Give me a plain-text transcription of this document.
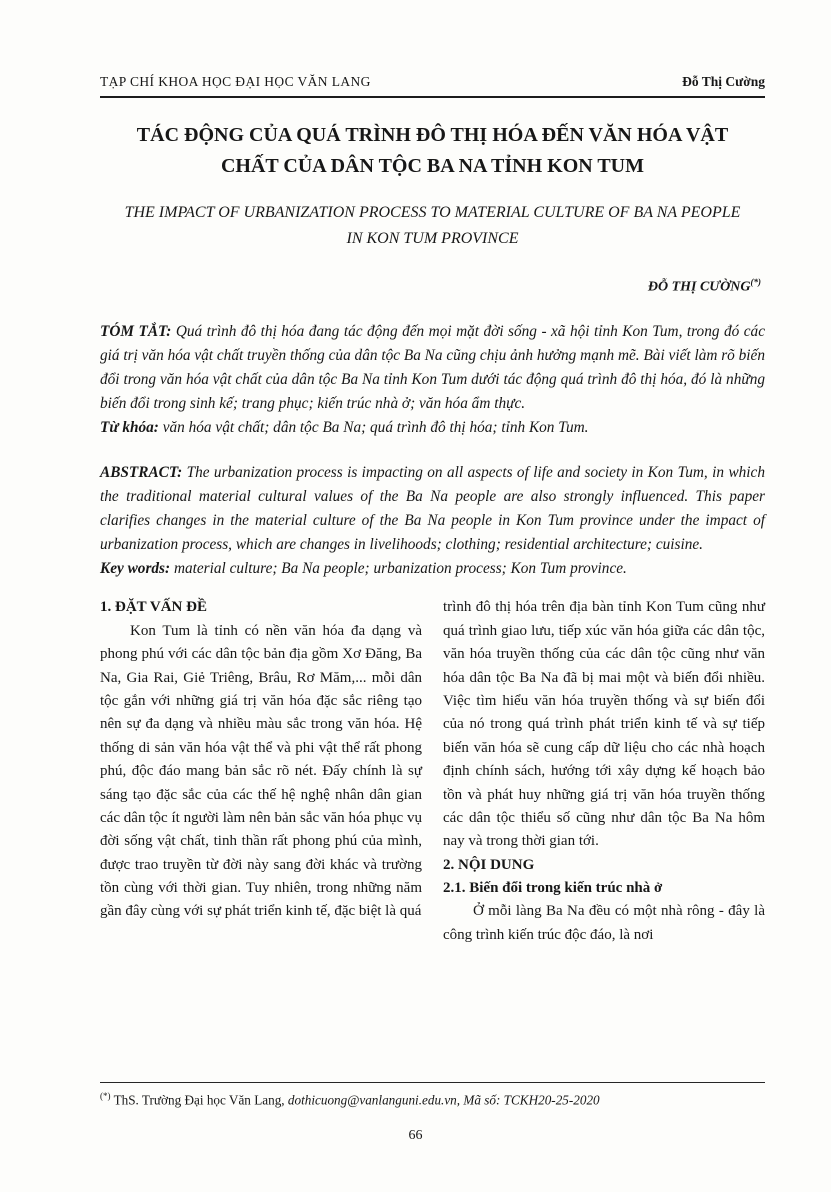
TẠP CHÍ KHOA HỌC ĐẠI HỌC VĂN LANG	Đỗ Thị Cường
TÁC ĐỘNG CỦA QUÁ TRÌNH ĐÔ THỊ HÓA ĐẾN VĂN HÓA VẬT CHẤT CỦA DÂN TỘC BA NA TỈNH KON TUM
THE IMPACT OF URBANIZATION PROCESS TO MATERIAL CULTURE OF BA NA PEOPLE IN KON TUM PROVINCE
ĐỖ THỊ CƯỜNG(*)

TÓM TẮT: Quá trình đô thị hóa đang tác động đến mọi mặt đời sống - xã hội tỉnh Kon Tum, trong đó các giá trị văn hóa vật chất truyền thống của dân tộc Ba Na cũng chịu ảnh hưởng mạnh mẽ. Bài viết làm rõ biến đổi trong văn hóa vật chất của dân tộc Ba Na tỉnh Kon Tum dưới tác động quá trình đô thị hóa, đó là những biến đổi trong sinh kế; trang phục; kiến trúc nhà ở; văn hóa ẩm thực.

Từ khóa: văn hóa vật chất; dân tộc Ba Na; quá trình đô thị hóa; tỉnh Kon Tum.

ABSTRACT: The urbanization process is impacting on all aspects of life and society in Kon Tum, in which the traditional material cultural values of the Ba Na people are also strongly influenced. This paper clarifies changes in the material culture of the Ba Na people in Kon Tum province under the impact of urbanization process, which are changes in livelihoods; clothing; residential architecture; cuisine.

Key words: material culture; Ba Na people; urbanization process; Kon Tum province.

1. ĐẶT VẤN ĐỀ

Kon Tum là tỉnh có nền văn hóa đa dạng và phong phú với các dân tộc bản địa gồm Xơ Đăng, Ba Na, Gia Rai, Giẻ Triêng, Brâu, Rơ Măm,... mỗi dân tộc gắn với những giá trị văn hóa đặc sắc riêng tạo nên sự đa dạng và nhiều màu sắc trong văn hóa. Hệ thống di sản văn hóa vật thể và phi vật thể rất phong phú, độc đáo mang bản sắc rõ nét. Đấy chính là sự sáng tạo đặc sắc của các thế hệ nghệ nhân dân gian các dân tộc ít người làm nên bản sắc văn hóa phục vụ đời sống vật chất, tinh thần rất phong phú của mình, được trao truyền từ đời này sang đời khác và trường tồn cùng với thời gian. Tuy nhiên, trong những năm gần đây cùng với sự phát triển kinh tế, đặc biệt là quá

trình đô thị hóa trên địa bàn tỉnh Kon Tum cũng như quá trình giao lưu, tiếp xúc văn hóa giữa các dân tộc, văn hóa truyền thống của các dân tộc cũng như văn hóa dân tộc Ba Na đã bị mai một và biến đổi nhiều. Việc tìm hiểu văn hóa truyền thống và sự biến đổi của nó trong quá trình phát triển kinh tế và sự tiếp biến văn hóa sẽ cung cấp dữ liệu cho các nhà hoạch định chính sách, hướng tới xây dựng kế hoạch bảo tồn và phát huy những giá trị văn hóa truyền thống các dân tộc thiểu số cũng như dân tộc Ba Na hôm nay và trong thời gian tới.

2. NỘI DUNG
2.1. Biến đổi trong kiến trúc nhà ở

Ở mỗi làng Ba Na đều có một nhà rông - đây là công trình kiến trúc độc đáo, là nơi

(*) ThS. Trường Đại học Văn Lang, dothicuong@vanlanguni.edu.vn, Mã số: TCKH20-25-2020
66
